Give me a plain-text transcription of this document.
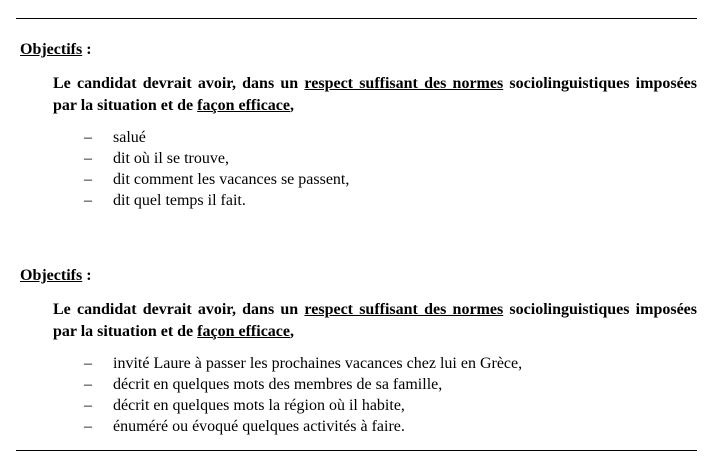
Objectifs :

Le candidat devrait avoir, dans un respect suffisant des normes sociolinguistiques imposées par la situation et de façon efficace,

– salué
– dit où il se trouve,
– dit comment les vacances se passent,
– dit quel temps il fait.

Objectifs :

Le candidat devrait avoir, dans un respect suffisant des normes sociolinguistiques imposées par la situation et de façon efficace,

– invité Laure à passer les prochaines vacances chez lui en Grèce,
– décrit en quelques mots des membres de sa famille,
– décrit en quelques mots la région où il habite,
– énuméré ou évoqué quelques activités à faire.
